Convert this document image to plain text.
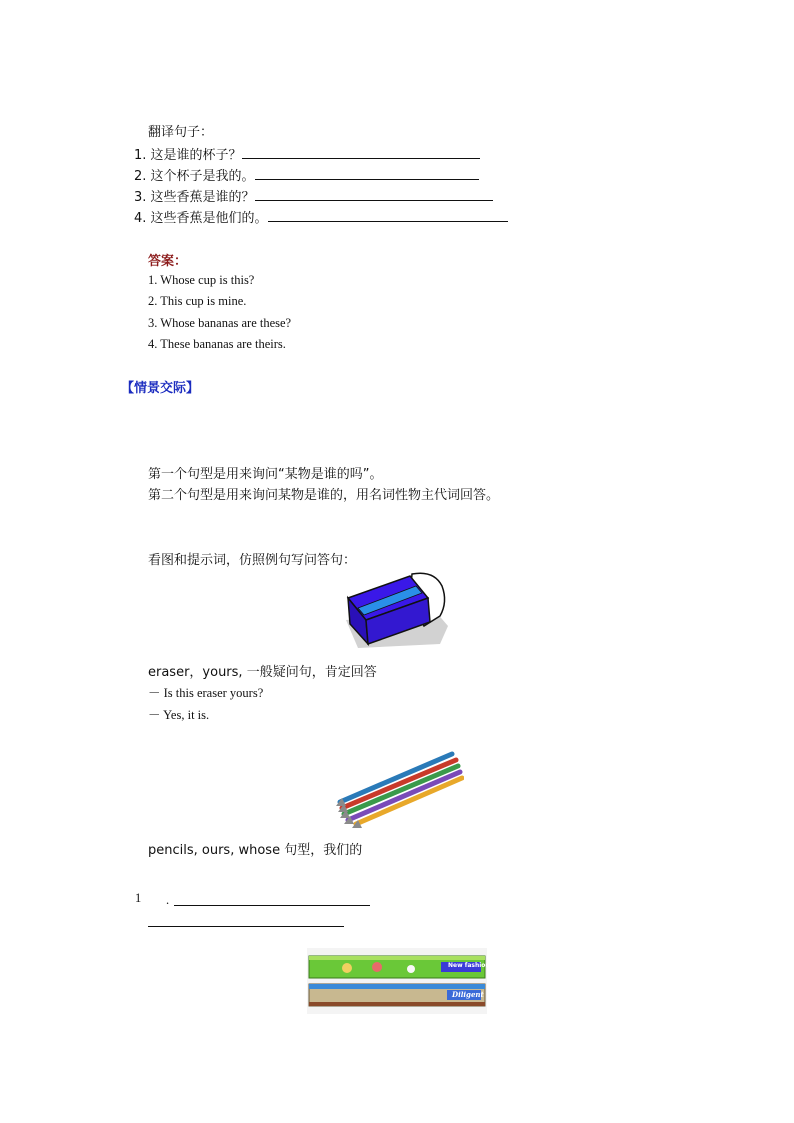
翻译句子：
1. 这是谁的杯子？
2. 这个杯子是我的。
3. 这些香蕉是谁的？
4. 这些香蕉是他们的。
答案：
1. Whose cup is this?
2. This cup is mine.
3. Whose bananas are these?
4. These bananas are theirs.
【情景交际】
第一个句型是用来询问“某物是谁的吗”。
第二个句型是用来询问某物是谁的，用名词性物主代词回答。
看图和提示词，仿照例句写问答句：
eraser，yours, 一般疑问句，肯定回答
－ Is this eraser yours?
－ Yes, it is.
pencils, ours, whose 句型，我们的
1 .
New fashion
Diligent
